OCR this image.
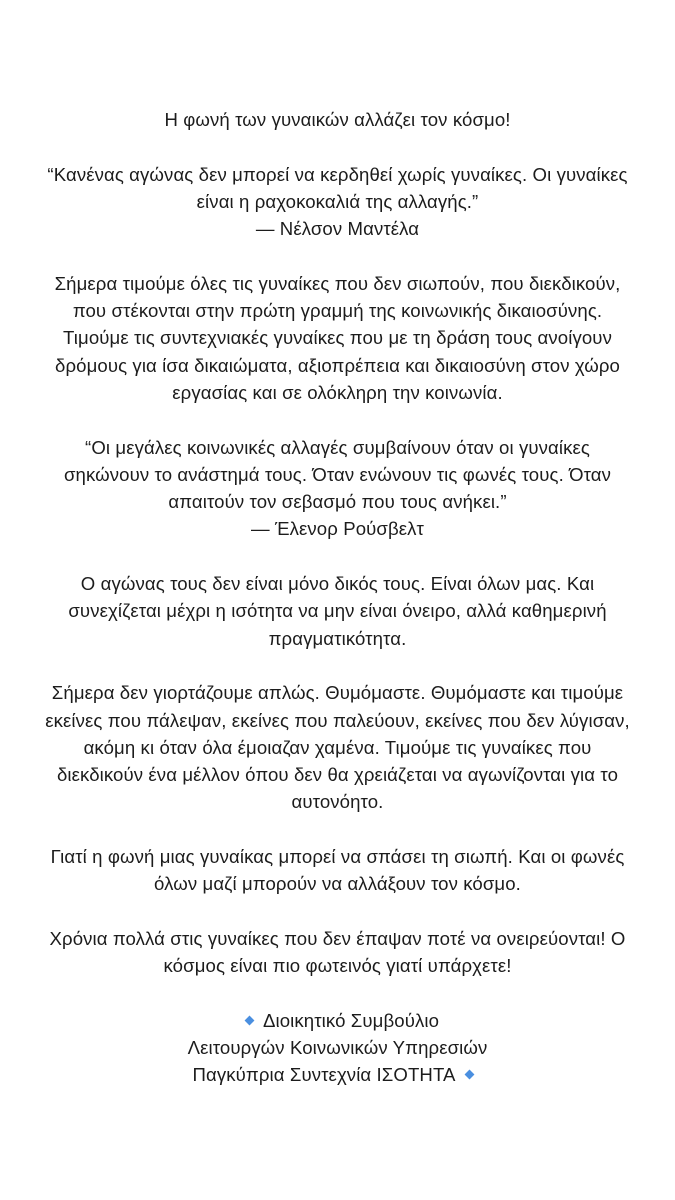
Η φωνή των γυναικών αλλάζει τον κόσμο!

“Κανένας αγώνας δεν μπορεί να κερδηθεί χωρίς γυναίκες. Οι γυναίκες
είναι η ραχοκοκαλιά της αλλαγής.”
— Νέλσον Μαντέλα

Σήμερα τιμούμε όλες τις γυναίκες που δεν σιωπούν, που διεκδικούν,
που στέκονται στην πρώτη γραμμή της κοινωνικής δικαιοσύνης.
Τιμούμε τις συντεχνιακές γυναίκες που με τη δράση τους ανοίγουν
δρόμους για ίσα δικαιώματα, αξιοπρέπεια και δικαιοσύνη στον χώρο
εργασίας και σε ολόκληρη την κοινωνία.

“Οι μεγάλες κοινωνικές αλλαγές συμβαίνουν όταν οι γυναίκες
σηκώνουν το ανάστημά τους. Όταν ενώνουν τις φωνές τους. Όταν
απαιτούν τον σεβασμό που τους ανήκει.”
— Έλενορ Ρούσβελτ

Ο αγώνας τους δεν είναι μόνο δικός τους. Είναι όλων μας. Και
συνεχίζεται μέχρι η ισότητα να μην είναι όνειρο, αλλά καθημερινή
πραγματικότητα.

Σήμερα δεν γιορτάζουμε απλώς. Θυμόμαστε. Θυμόμαστε και τιμούμε
εκείνες που πάλεψαν, εκείνες που παλεύουν, εκείνες που δεν λύγισαν,
ακόμη κι όταν όλα έμοιαζαν χαμένα. Τιμούμε τις γυναίκες που
διεκδικούν ένα μέλλον όπου δεν θα χρειάζεται να αγωνίζονται για το
αυτονόητο.

Γιατί η φωνή μιας γυναίκας μπορεί να σπάσει τη σιωπή. Και οι φωνές
όλων μαζί μπορούν να αλλάξουν τον κόσμο.

Χρόνια πολλά στις γυναίκες που δεν έπαψαν ποτέ να ονειρεύονται! Ο
κόσμος είναι πιο φωτεινός γιατί υπάρχετε!

Διοικητικό Συμβούλιο
Λειτουργών Κοινωνικών Υπηρεσιών
Παγκύπρια Συντεχνία ΙΣΟΤΗΤΑ
